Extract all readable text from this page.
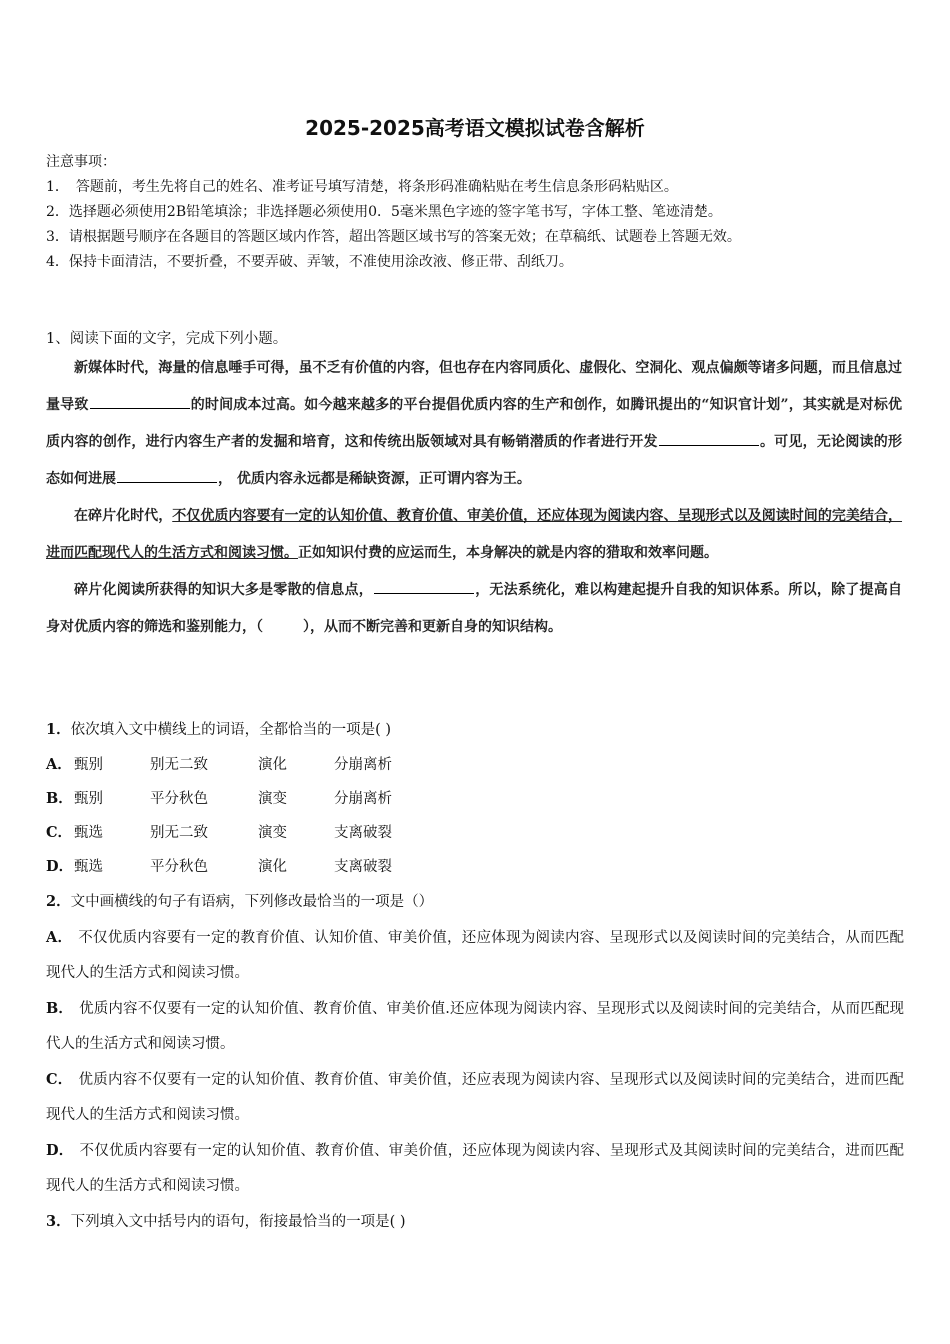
2025-2025高考语文模拟试卷含解析
注意事项：
1．　答题前，考生先将自己的姓名、准考证号填写清楚，将条形码准确粘贴在考生信息条形码粘贴区。
2．选择题必须使用2B铅笔填涂；非选择题必须使用0．5毫米黑色字迹的签字笔书写，字体工整、笔迹清楚。
3．请根据题号顺序在各题目的答题区域内作答，超出答题区域书写的答案无效；在草稿纸、试题卷上答题无效。
4．保持卡面清洁，不要折叠，不要弄破、弄皱，不准使用涂改液、修正带、刮纸刀。
1、阅读下面的文字，完成下列小题。

新媒体时代，海量的信息唾手可得，虽不乏有价值的内容，但也存在内容同质化、虚假化、空洞化、观点偏颇等诸多问题，而且信息过量导致	的时间成本过高。如今越来越多的平台提倡优质内容的生产和创作，如腾讯提出的“知识官计划”，其实就是对标优质内容的创作，进行内容生产者的发掘和培育，这和传统出版领域对具有畅销潜质的作者进行开发	。可见，无论阅读的形态如何进展	， 优质内容永远都是稀缺资源，正可谓内容为王。

在碎片化时代，不仅优质内容要有一定的认知价值、教育价值、审美价值，还应体现为阅读内容、呈现形式以及阅读时间的完美结合，进而匹配现代人的生活方式和阅读习惯。正如知识付费的应运而生，本身解决的就是内容的猎取和效率问题。

碎片化阅读所获得的知识大多是零散的信息点，	，无法系统化，难以构建起提升自我的知识体系。所以，除了提高自身对优质内容的筛选和鉴别能力，（	），从而不断完善和更新自身的知识结构。

1．依次填入文中横线上的词语，全都恰当的一项是( )
A． 甄别	别无二致	演化	分崩离析
B．甄别	平分秋色	演变	分崩离析
C． 甄选	别无二致	演变	支离破裂
D．甄选	平分秋色	演化	支离破裂
2．文中画横线的句子有语病，下列修改最恰当的一项是（）
A． 不仅优质内容要有一定的教育价值、认知价值、审美价值，还应体现为阅读内容、呈现形式以及阅读时间的完美结合，从而匹配现代人的生活方式和阅读习惯。
B． 优质内容不仅要有一定的认知价值、教育价值、审美价值.还应体现为阅读内容、呈现形式以及阅读时间的完美结合，从而匹配现代人的生活方式和阅读习惯。
C． 优质内容不仅要有一定的认知价值、教育价值、审美价值，还应表现为阅读内容、呈现形式以及阅读时间的完美结合，进而匹配现代人的生活方式和阅读习惯。
D． 不仅优质内容要有一定的认知价值、教育价值、审美价值，还应体现为阅读内容、呈现形式及其阅读时间的完美结合，进而匹配现代人的生活方式和阅读习惯。
3．下列填入文中括号内的语句，衔接最恰当的一项是( )
